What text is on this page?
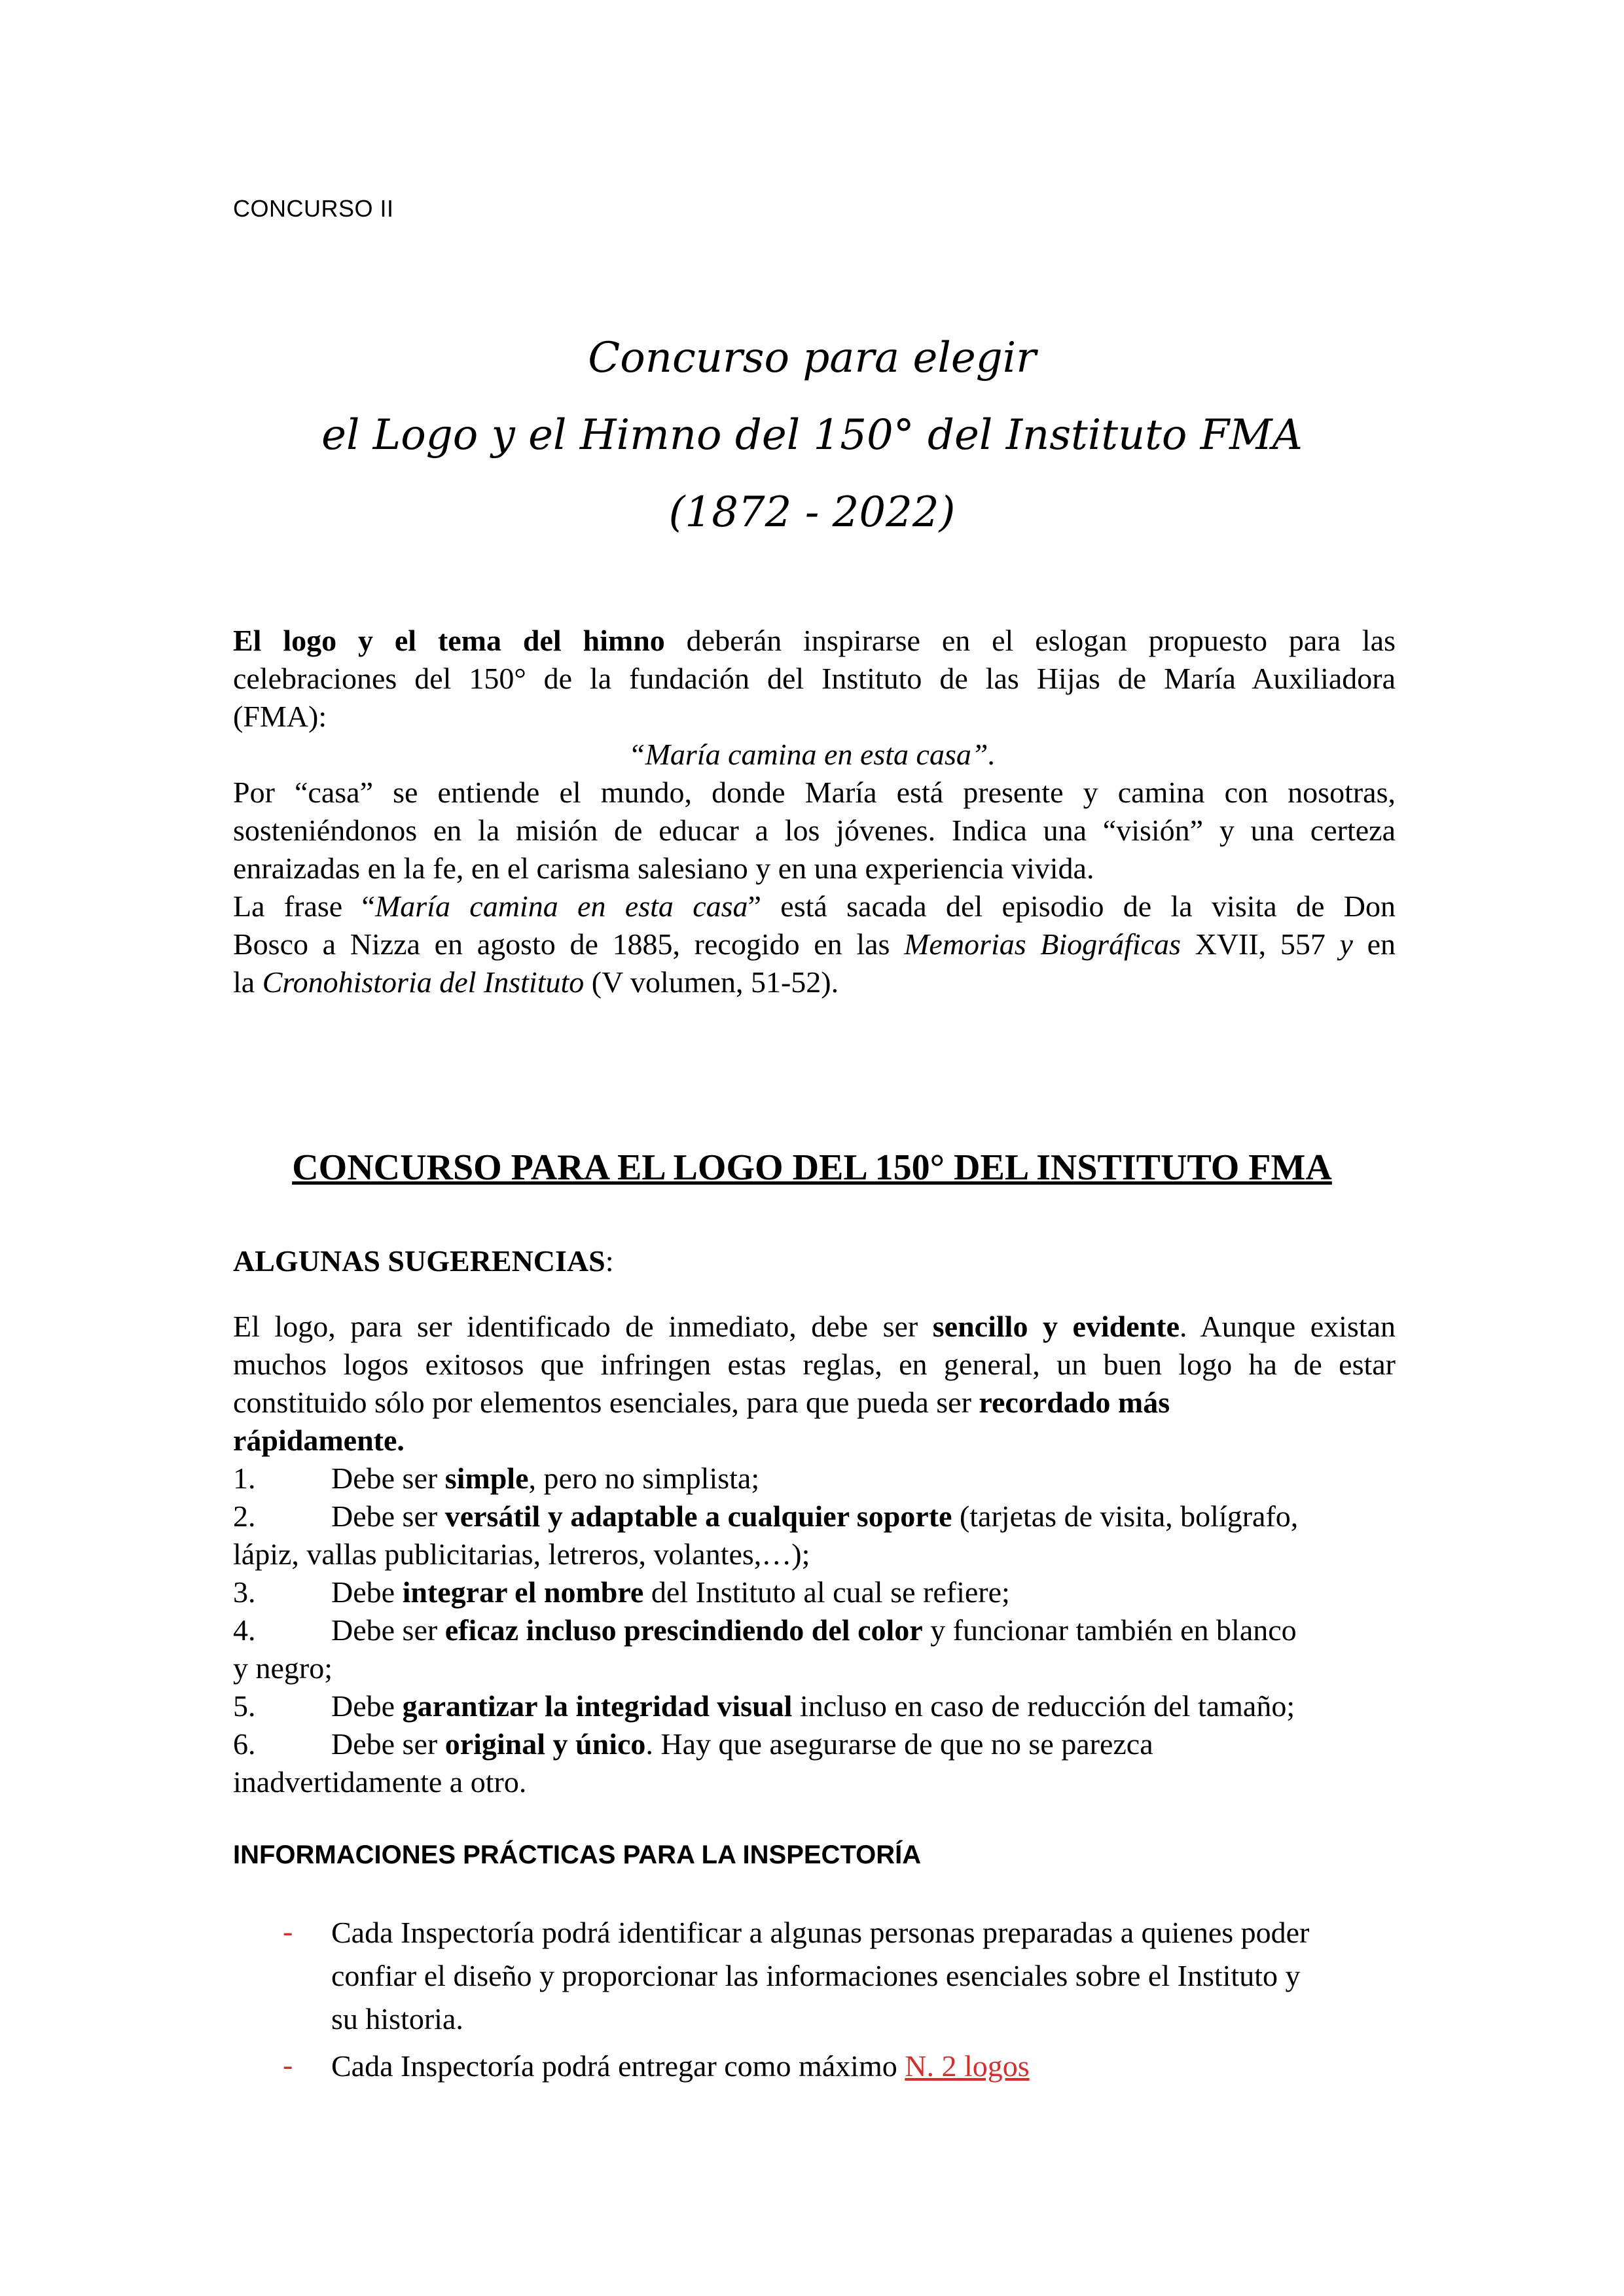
CONCURSO II
Concurso para elegir
el Logo y el Himno del 150° del Instituto FMA
(1872 - 2022)
El logo y el tema del himno deberán inspirarse en el eslogan propuesto para las
celebraciones del 150° de la fundación del Instituto de las Hijas de María Auxiliadora
(FMA):
“María camina en esta casa”.
Por “casa” se entiende el mundo, donde María está presente y camina con nosotras,
sosteniéndonos en la misión de educar a los jóvenes. Indica una “visión” y una certeza
enraizadas en la fe, en el carisma salesiano y en una experiencia vivida.
La frase “María camina en esta casa” está sacada del episodio de la visita de Don
Bosco a Nizza en agosto de 1885, recogido en las Memorias Biográficas XVII, 557 y en
la Cronohistoria del Instituto (V volumen, 51-52).
CONCURSO PARA EL LOGO DEL 150° DEL INSTITUTO FMA
ALGUNAS SUGERENCIAS:
El logo, para ser identificado de inmediato, debe ser sencillo y evidente. Aunque existan
muchos logos exitosos que infringen estas reglas, en general, un buen logo ha de estar
constituido sólo por elementos esenciales, para que pueda ser recordado más
rápidamente.
1.	Debe ser simple, pero no simplista;
2.	Debe ser versátil y adaptable a cualquier soporte (tarjetas de visita, bolígrafo,
lápiz, vallas publicitarias, letreros, volantes,…);
3.	Debe integrar el nombre del Instituto al cual se refiere;
4.	Debe ser eficaz incluso prescindiendo del color y funcionar también en blanco
y negro;
5.	Debe garantizar la integridad visual incluso en caso de reducción del tamaño;
6.	Debe ser original y único. Hay que asegurarse de que no se parezca
inadvertidamente a otro.
INFORMACIONES PRÁCTICAS PARA LA INSPECTORÍA
- Cada Inspectoría podrá identificar a algunas personas preparadas a quienes poder
confiar el diseño y proporcionar las informaciones esenciales sobre el Instituto y
su historia.
- Cada Inspectoría podrá entregar como máximo N. 2 logos
